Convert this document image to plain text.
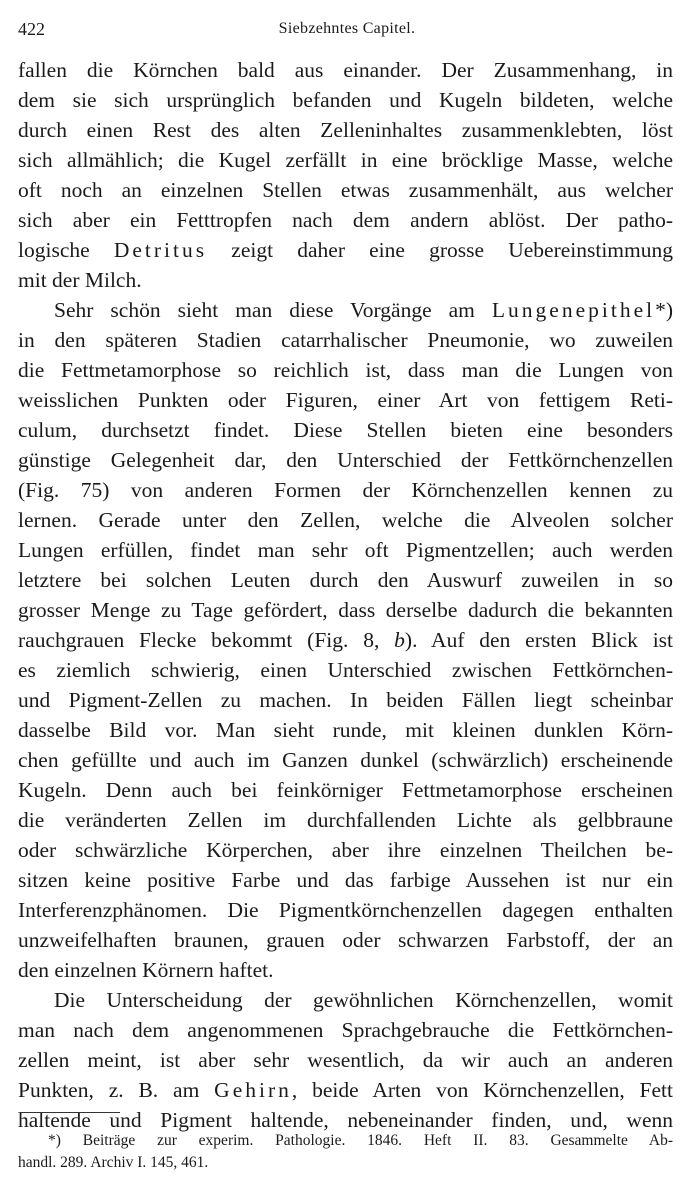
422	Siebzehntes Capitel.
fallen die Körnchen bald aus einander. Der Zusammenhang, in
dem sie sich ursprünglich befanden und Kugeln bildeten, welche
durch einen Rest des alten Zelleninhaltes zusammenklebten, löst
sich allmählich; die Kugel zerfällt in eine bröcklige Masse, welche
oft noch an einzelnen Stellen etwas zusammenhält, aus welcher
sich aber ein Fetttropfen nach dem andern ablöst. Der patho-
logische Detritus zeigt daher eine grosse Uebereinstimmung
mit der Milch.
Sehr schön sieht man diese Vorgänge am Lungenepithel*)
in den späteren Stadien catarrhalischer Pneumonie, wo zuweilen
die Fettmetamorphose so reichlich ist, dass man die Lungen von
weisslichen Punkten oder Figuren, einer Art von fettigem Reti-
culum, durchsetzt findet. Diese Stellen bieten eine besonders
günstige Gelegenheit dar, den Unterschied der Fettkörnchenzellen
(Fig. 75) von anderen Formen der Körnchenzellen kennen zu
lernen. Gerade unter den Zellen, welche die Alveolen solcher
Lungen erfüllen, findet man sehr oft Pigmentzellen; auch werden
letztere bei solchen Leuten durch den Auswurf zuweilen in so
grosser Menge zu Tage gefördert, dass derselbe dadurch die bekannten
rauchgrauen Flecke bekommt (Fig. 8, b). Auf den ersten Blick ist
es ziemlich schwierig, einen Unterschied zwischen Fettkörnchen-
und Pigment-Zellen zu machen. In beiden Fällen liegt scheinbar
dasselbe Bild vor. Man sieht runde, mit kleinen dunklen Körn-
chen gefüllte und auch im Ganzen dunkel (schwärzlich) erscheinende
Kugeln. Denn auch bei feinkörniger Fettmetamorphose erscheinen
die veränderten Zellen im durchfallenden Lichte als gelbbraune
oder schwärzliche Körperchen, aber ihre einzelnen Theilchen be-
sitzen keine positive Farbe und das farbige Aussehen ist nur ein
Interferenzphänomen. Die Pigmentkörnchenzellen dagegen enthalten
unzweifelhaften braunen, grauen oder schwarzen Farbstoff, der an
den einzelnen Körnern haftet.
Die Unterscheidung der gewöhnlichen Körnchenzellen, womit
man nach dem angenommenen Sprachgebrauche die Fettkörnchen-
zellen meint, ist aber sehr wesentlich, da wir auch an anderen
Punkten, z. B. am Gehirn, beide Arten von Körnchenzellen, Fett
haltende und Pigment haltende, nebeneinander finden, und, wenn
*) Beiträge zur experim. Pathologie. 1846. Heft II. 83. Gesammelte Ab-
handl. 289. Archiv I. 145, 461.
